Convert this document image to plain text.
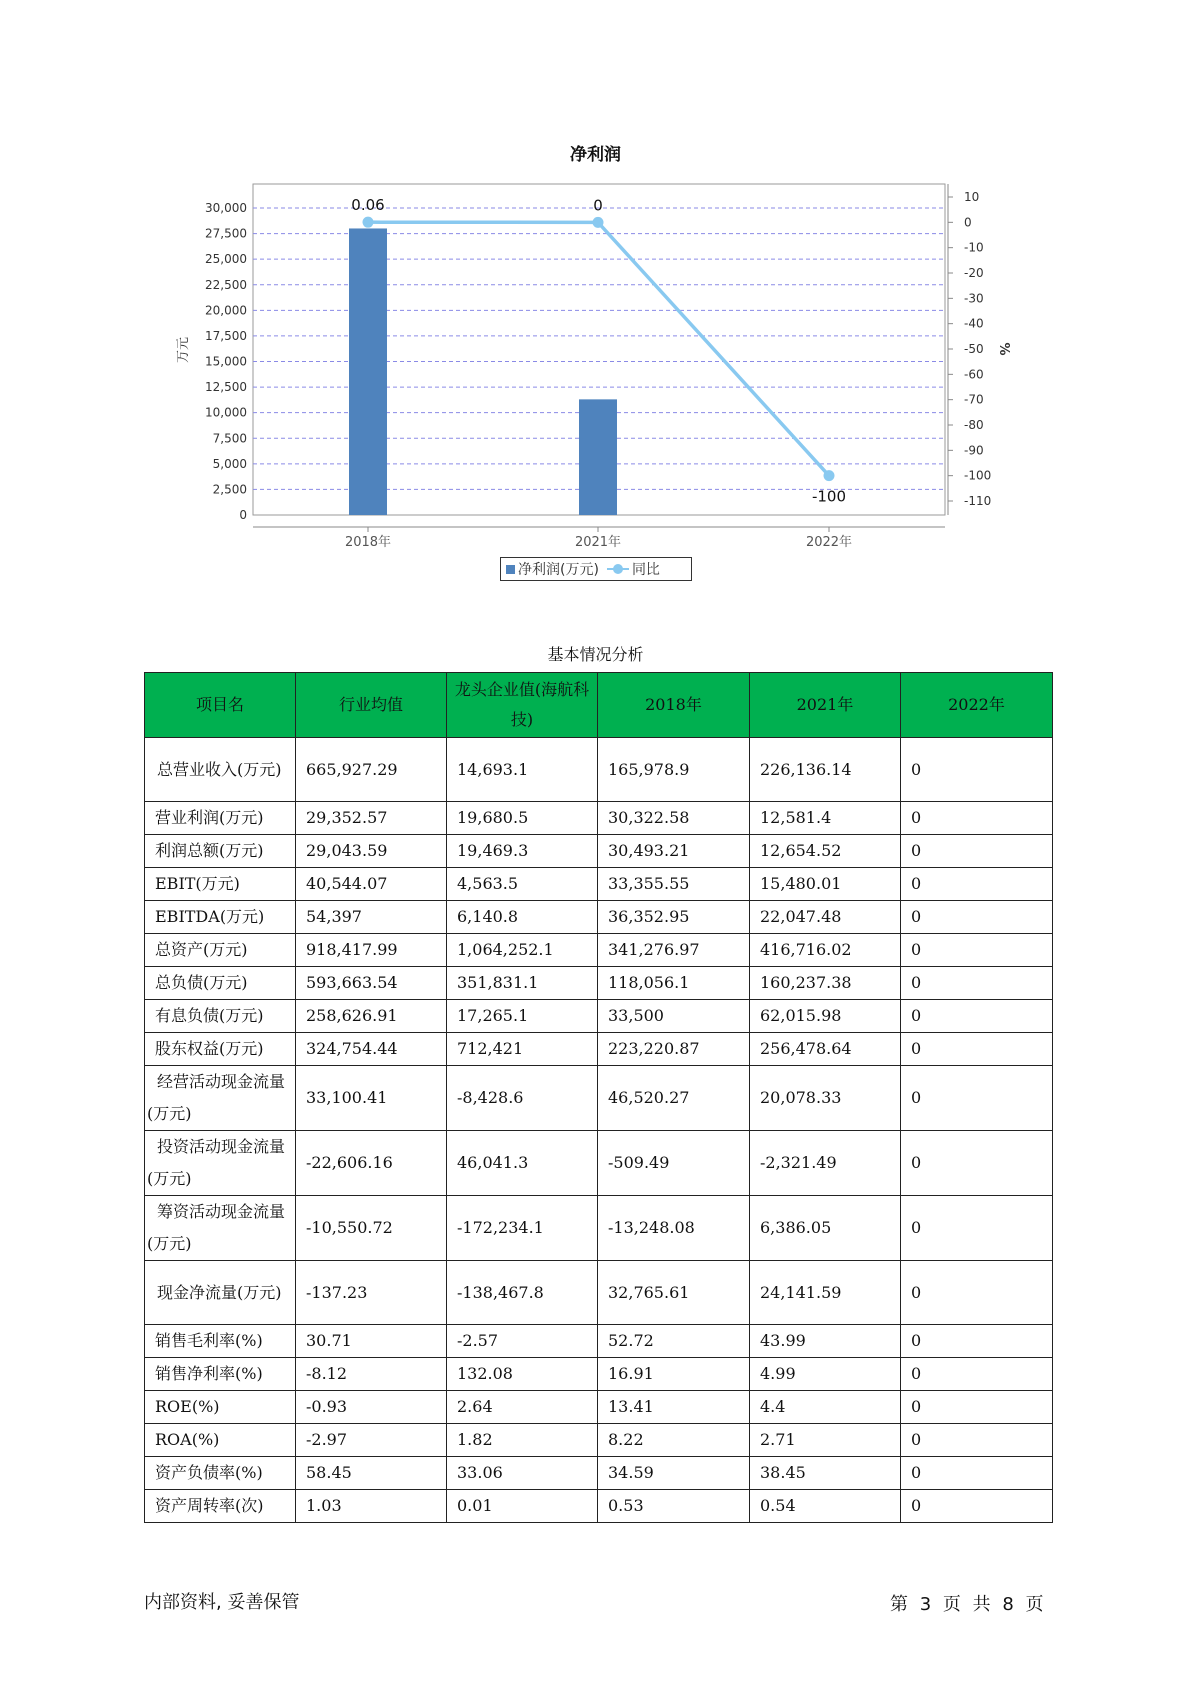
净利润
0
2,500
5,000
7,500
10,000
12,500
15,000
17,500
20,000
22,500
25,000
27,500
30,000
10
0
-10
-20
-30
-40
-50
-60
-70
-80
-90
-100
-110
2018年	2021年	2022年
万元	%
0.06	0
-100
净利润(万元) 同比
基本情况分析
项目名	行业均值	龙头企业值(海航科技)	2018年	2021年	2022年
总营业收入(万元)	665,927.29	14,693.1	165,978.9	226,136.14	0
营业利润(万元)	29,352.57	19,680.5	30,322.58	12,581.4	0
利润总额(万元)	29,043.59	19,469.3	30,493.21	12,654.52	0
EBIT(万元)	40,544.07	4,563.5	33,355.55	15,480.01	0
EBITDA(万元)	54,397	6,140.8	36,352.95	22,047.48	0
总资产(万元)	918,417.99	1,064,252.1	341,276.97	416,716.02	0
总负债(万元)	593,663.54	351,831.1	118,056.1	160,237.38	0
有息负债(万元)	258,626.91	17,265.1	33,500	62,015.98	0
股东权益(万元)	324,754.44	712,421	223,220.87	256,478.64	0
经营活动现金流量(万元)	33,100.41	-8,428.6	46,520.27	20,078.33	0
投资活动现金流量(万元)	-22,606.16	46,041.3	-509.49	-2,321.49	0
筹资活动现金流量(万元)	-10,550.72	-172,234.1	-13,248.08	6,386.05	0
现金净流量(万元)	-137.23	-138,467.8	32,765.61	24,141.59	0
销售毛利率(%)	30.71	-2.57	52.72	43.99	0
销售净利率(%)	-8.12	132.08	16.91	4.99	0
ROE(%)	-0.93	2.64	13.41	4.4	0
ROA(%)	-2.97	1.82	8.22	2.71	0
资产负债率(%)	58.45	33.06	34.59	38.45	0
资产周转率(次)	1.03	0.01	0.53	0.54	0
内部资料, 妥善保管	第 3 页 共 8 页
